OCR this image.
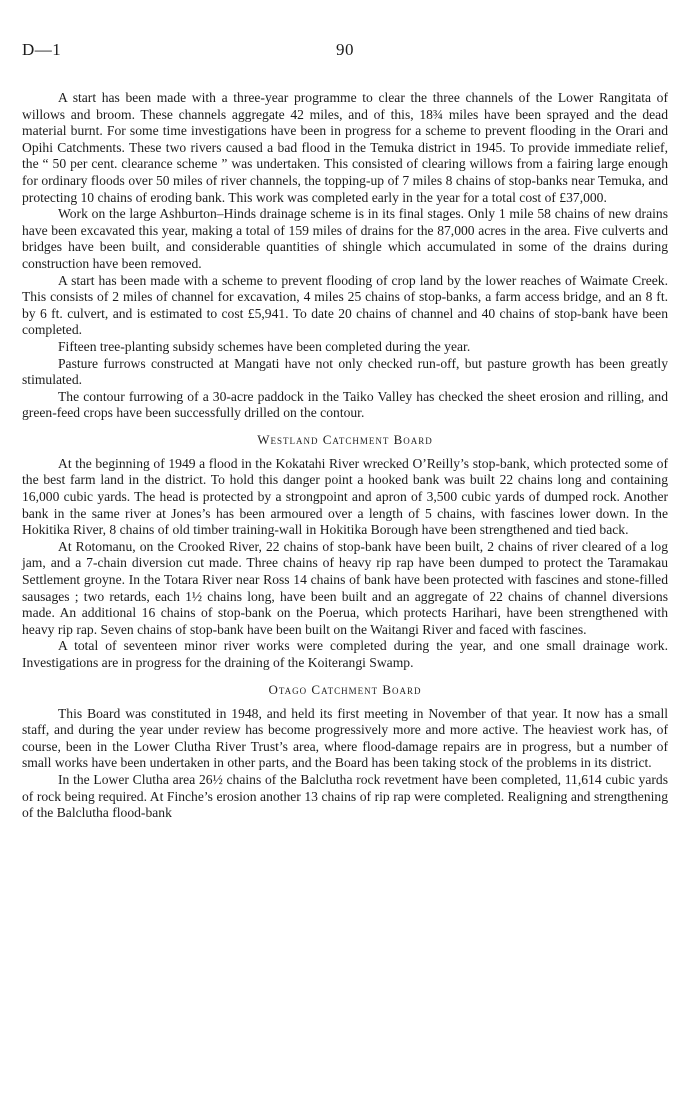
D—1	90

A start has been made with a three-year programme to clear the three channels of the Lower Rangitata of willows and broom. These channels aggregate 42 miles, and of this, 18¾ miles have been sprayed and the dead material burnt. For some time investigations have been in progress for a scheme to prevent flooding in the Orari and Opihi Catchments. These two rivers caused a bad flood in the Temuka district in 1945. To provide immediate relief, the “ 50 per cent. clearance scheme ” was undertaken. This consisted of clearing willows from a fairing large enough for ordinary floods over 50 miles of river channels, the topping-up of 7 miles 8 chains of stop-banks near Temuka, and protecting 10 chains of eroding bank. This work was completed early in the year for a total cost of £37,000.

Work on the large Ashburton–Hinds drainage scheme is in its final stages. Only 1 mile 58 chains of new drains have been excavated this year, making a total of 159 miles of drains for the 87,000 acres in the area. Five culverts and bridges have been built, and considerable quantities of shingle which accumulated in some of the drains during construction have been removed.

A start has been made with a scheme to prevent flooding of crop land by the lower reaches of Waimate Creek. This consists of 2 miles of channel for excavation, 4 miles 25 chains of stop-banks, a farm access bridge, and an 8 ft. by 6 ft. culvert, and is estimated to cost £5,941. To date 20 chains of channel and 40 chains of stop-bank have been completed.

Fifteen tree-planting subsidy schemes have been completed during the year.

Pasture furrows constructed at Mangati have not only checked run-off, but pasture growth has been greatly stimulated.

The contour furrowing of a 30-acre paddock in the Taiko Valley has checked the sheet erosion and rilling, and green-feed crops have been successfully drilled on the contour.

Westland Catchment Board

At the beginning of 1949 a flood in the Kokatahi River wrecked O’Reilly’s stop-bank, which protected some of the best farm land in the district. To hold this danger point a hooked bank was built 22 chains long and containing 16,000 cubic yards. The head is protected by a strongpoint and apron of 3,500 cubic yards of dumped rock. Another bank in the same river at Jones’s has been armoured over a length of 5 chains, with fascines lower down. In the Hokitika River, 8 chains of old timber training-wall in Hokitika Borough have been strengthened and tied back.

At Rotomanu, on the Crooked River, 22 chains of stop-bank have been built, 2 chains of river cleared of a log jam, and a 7-chain diversion cut made. Three chains of heavy rip rap have been dumped to protect the Taramakau Settlement groyne. In the Totara River near Ross 14 chains of bank have been protected with fascines and stone-filled sausages ; two retards, each 1½ chains long, have been built and an aggregate of 22 chains of channel diversions made. An additional 16 chains of stop-bank on the Poerua, which protects Harihari, have been strengthened with heavy rip rap. Seven chains of stop-bank have been built on the Waitangi River and faced with fascines.

A total of seventeen minor river works were completed during the year, and one small drainage work. Investigations are in progress for the draining of the Koiterangi Swamp.

Otago Catchment Board

This Board was constituted in 1948, and held its first meeting in November of that year. It now has a small staff, and during the year under review has become progressively more and more active. The heaviest work has, of course, been in the Lower Clutha River Trust’s area, where flood-damage repairs are in progress, but a number of small works have been undertaken in other parts, and the Board has been taking stock of the problems in its district.

In the Lower Clutha area 26½ chains of the Balclutha rock revetment have been completed, 11,614 cubic yards of rock being required. At Finche’s erosion another 13 chains of rip rap were completed. Realigning and strengthening of the Balclutha flood-bank
